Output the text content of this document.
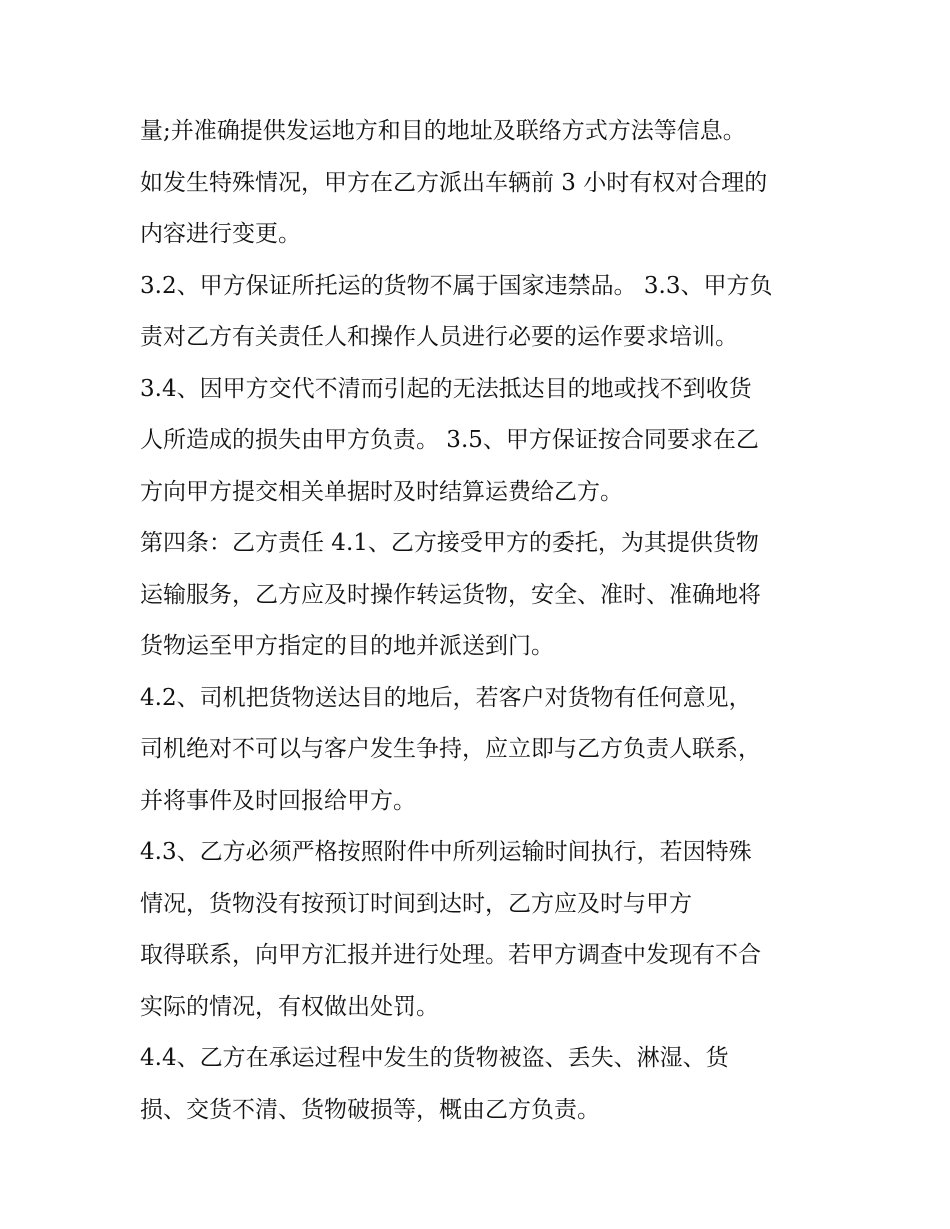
量;并准确提供发运地方和目的地址及联络方式方法等信息。
如发生特殊情况，甲方在乙方派出车辆前 3 小时有权对合理的
内容进行变更。
3.2、甲方保证所托运的货物不属于国家违禁品。 3.3、甲方负
责对乙方有关责任人和操作人员进行必要的运作要求培训。
3.4、因甲方交代不清而引起的无法抵达目的地或找不到收货
人所造成的损失由甲方负责。 3.5、甲方保证按合同要求在乙
方向甲方提交相关单据时及时结算运费给乙方。
第四条：乙方责任 4.1、乙方接受甲方的委托，为其提供货物
运输服务，乙方应及时操作转运货物，安全、准时、准确地将
货物运至甲方指定的目的地并派送到门。
4.2、司机把货物送达目的地后，若客户对货物有任何意见，
司机绝对不可以与客户发生争持，应立即与乙方负责人联系，
并将事件及时回报给甲方。
4.3、乙方必须严格按照附件中所列运输时间执行，若因特殊
情况，货物没有按预订时间到达时，乙方应及时与甲方
取得联系，向甲方汇报并进行处理。若甲方调查中发现有不合
实际的情况，有权做出处罚。
4.4、乙方在承运过程中发生的货物被盗、丢失、淋湿、货
损、交货不清、货物破损等，概由乙方负责。
